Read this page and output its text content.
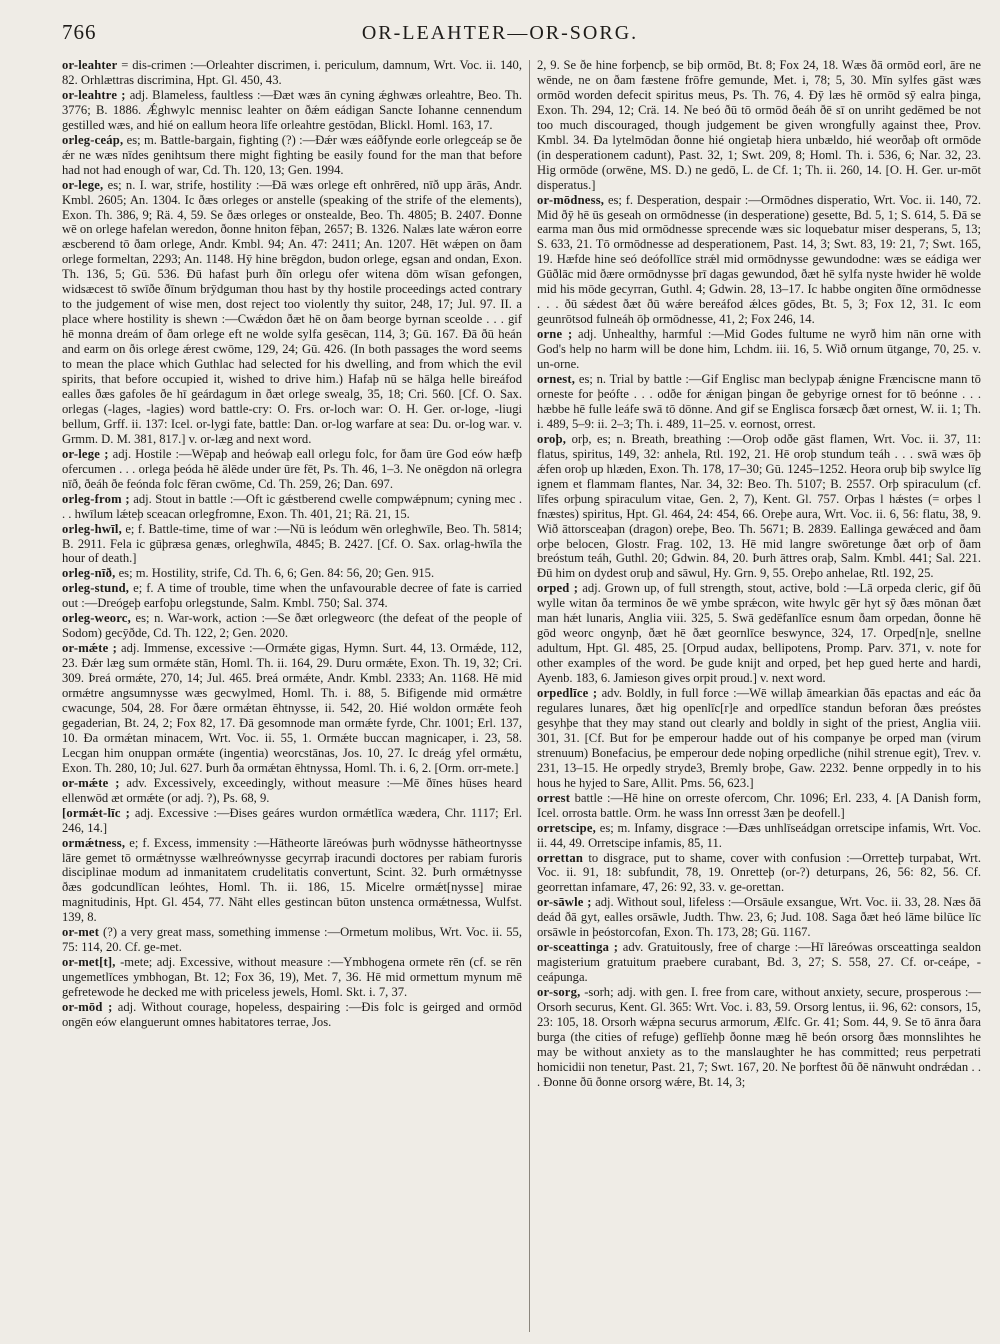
766	OR-LEAHTER—OR-SORG.

or-leahter = dis-crimen :—Orleahter discrimen, i. periculum, damnum, Wrt. Voc. ii. 140, 82. Orhlættras discrimina, Hpt. Gl. 450, 43.

or-leahtre ; adj. Blameless, faultless :—Ðæt wæs ān cyning ǽghwæs orleahtre, Beo. Th. 3776; B. 1886. Ǽghwylc mennisc leahter on ðǽm eádigan Sancte Iohanne cennendum gestilled wæs, and hié on eallum heora līfe orleahtre gestōdan, Blickl. Homl. 163, 17.

orleg-ceáp, es; m. Battle-bargain, fighting (?) :—Ðǽr wæs eáðfynde eorle orlegceáp se ðe ǽr ne wæs nīdes genihtsum there might fighting be easily found for the man that before had not had enough of war, Cd. Th. 120, 13; Gen. 1994.

or-lege, es; n. I. war, strife, hostility :—Ðā wæs orlege eft onhrēred, nīð upp ārās, Andr. Kmbl. 2605; An. 1304. Ic ðæs orleges or anstelle (speaking of the strife of the elements), Exon. Th. 386, 9; Rä. 4, 59. Se ðæs orleges or onstealde, Beo. Th. 4805; B. 2407. Ðonne wē on orlege hafelan weredon, ðonne hniton fēþan, 2657; B. 1326. Nalæs late wǽron eorre æscberend tō ðam orlege, Andr. Kmbl. 94; An. 47: 2411; An. 1207. Hēt wǽpen on ðam orlege formeltan, 2293; An. 1148. Hȳ hine brēgdon, budon orlege, egsan and ondan, Exon. Th. 136, 5; Gū. 536. Ðū hafast þurh ðīn orlegu ofer witena dōm wīsan gefongen, widsæcest tō swīðe ðīnum brȳdguman thou hast by thy hostile proceedings acted contrary to the judgement of wise men, dost reject too violently thy suitor, 248, 17; Jul. 97. II. a place where hostility is shewn :—Cwǽdon ðæt hē on ðam beorge byrnan sceolde . . . gif hē monna dreám of ðam orlege eft ne wolde sylfa gesēcan, 114, 3; Gū. 167. Ðā ðū heán and earm on ðis orlege ǽrest cwōme, 129, 24; Gū. 426. (In both passages the word seems to mean the place which Guthlac had selected for his dwelling, and from which the evil spirits, that before occupied it, wished to drive him.) Hafaþ nū se hālga helle bireáfod ealles ðæs gafoles ðe hī geárdagum in ðæt orlege swealg, 35, 18; Cri. 560. [Cf. O. Sax. orlegas (-lages, -lagies) word battle-cry: O. Frs. or-loch war: O. H. Ger. or-loge, -liugi bellum, Grff. ii. 137: Icel. or-lygi fate, battle: Dan. or-log warfare at sea: Du. or-log war. v. Grmm. D. M. 381, 817.] v. or-læg and next word.

or-lege ; adj. Hostile :—Wēpaþ and heówaþ eall orlegu folc, for ðam ūre God eów hæfþ ofercumen . . . orlega þeóda hē ālēde under ūre fēt, Ps. Th. 46, 1–3. Ne onēgdon nā orlegra nīð, ðeáh ðe feónda folc fēran cwōme, Cd. Th. 259, 26; Dan. 697.

orleg-from ; adj. Stout in battle :—Oft ic gǽstberend cwelle compwǽpnum; cyning mec . . . hwīlum lǽteþ sceacan orlegfromne, Exon. Th. 401, 21; Rä. 21, 15.

orleg-hwīl, e; f. Battle-time, time of war :—Nū is leódum wēn orleghwīle, Beo. Th. 5814; B. 2911. Fela ic gūþræsa genæs, orleghwīla, 4845; B. 2427. [Cf. O. Sax. orlag-hwīla the hour of death.]

orleg-nīð, es; m. Hostility, strife, Cd. Th. 6, 6; Gen. 84: 56, 20; Gen. 915.

orleg-stund, e; f. A time of trouble, time when the unfavourable decree of fate is carried out :—Dreógeþ earfoþu orlegstunde, Salm. Kmbl. 750; Sal. 374.

orleg-weorc, es; n. War-work, action :—Se ðæt orlegweorc (the defeat of the people of Sodom) gecȳðde, Cd. Th. 122, 2; Gen. 2020.

or-mǽte ; adj. Immense, excessive :—Ormǽte gigas, Hymn. Surt. 44, 13. Ormǽde, 112, 23. Ðǽr læg sum ormǽte stān, Homl. Th. ii. 164, 29. Duru ormǽte, Exon. Th. 19, 32; Cri. 309. Þreá ormǽte, 270, 14; Jul. 465. Þreá ormǽte, Andr. Kmbl. 2333; An. 1168. Hē mid ormǽtre angsumnysse wæs gecwylmed, Homl. Th. i. 88, 5. Bifigende mid ormǽtre cwacunge, 504, 28. For ðære ormǽtan ēhtnysse, ii. 542, 20. Hié woldon ormǽte feoh gegaderian, Bt. 24, 2; Fox 82, 17. Ðā gesomnode man ormǽte fyrde, Chr. 1001; Erl. 137, 10. Ða ormǽtan minacem, Wrt. Voc. ii. 55, 1. Ormǽte buccan magnicaper, i. 23, 58. Lecgan him onuppan ormǽte (ingentia) weorcstānas, Jos. 10, 27. Ic dreág yfel ormǽtu, Exon. Th. 280, 10; Jul. 627. Þurh ða ormǽtan ēhtnyssa, Homl. Th. i. 6, 2. [Orm. orr-mete.]

or-mǽte ; adv. Excessively, exceedingly, without measure :—Mē ðīnes hūses heard ellenwōd æt ormǽte (or adj. ?), Ps. 68, 9.

[ormǽt-līc ; adj. Excessive :—Ðises geáres wurdon ormǽtlīca wædera, Chr. 1117; Erl. 246, 14.]

ormǽtness, e; f. Excess, immensity :—Hātheorte lāreówas þurh wōdnysse hātheortnysse lāre gemet tō ormǽtnysse wælhreównysse gecyrraþ iracundi doctores per rabiam furoris disciplinae modum ad inmanitatem crudelitatis convertunt, Scint. 32. Þurh ormǽtnysse ðæs godcundlīcan leóhtes, Homl. Th. ii. 186, 15. Micelre ormǽt[nysse] mirae magnitudinis, Hpt. Gl. 454, 77. Nāht elles gestincan būton unstenca ormǽtnessa, Wulfst. 139, 8.

or-met (?) a very great mass, something immense :—Ormetum molibus, Wrt. Voc. ii. 55, 75: 114, 20. Cf. ge-met.

or-met[t], -mete; adj. Excessive, without measure :—Ymbhogena ormete rēn (cf. se rēn ungemetlīces ymbhogan, Bt. 12; Fox 36, 19), Met. 7, 36. Hē mid ormettum mynum mē gefretewode he decked me with priceless jewels, Homl. Skt. i. 7, 37.

or-mōd ; adj. Without courage, hopeless, despairing :—Ðis folc is geirged and ormōd ongēn eów elanguerunt omnes habitatores terrae, Jos.

2, 9. Se ðe hine forþencþ, se biþ ormōd, Bt. 8; Fox 24, 18. Wæs ðā ormōd eorl, āre ne wēnde, ne on ðam fæstene frōfre gemunde, Met. i, 78; 5, 30. Mīn sylfes gāst wæs ormōd worden defecit spiritus meus, Ps. Th. 76, 4. Ðȳ læs hē ormōd sȳ ealra þinga, Exon. Th. 294, 12; Crä. 14. Ne beó ðū tō ormōd ðeáh ðē sī on unriht gedēmed be not too much discouraged, though judgement be given wrongfully against thee, Prov. Kmbl. 34. Ða lytelmōdan ðonne hié ongietaþ hiera unbældo, hié weorðaþ oft ormōde (in desperationem cadunt), Past. 32, 1; Swt. 209, 8; Homl. Th. i. 536, 6; Nar. 32, 23. Hig ormōde (orwēne, MS. D.) ne gedō, L. de Cf. 1; Th. ii. 260, 14. [O. H. Ger. ur-mōt disperatus.]

or-mōdness, es; f. Desperation, despair :—Ormōdnes disperatio, Wrt. Voc. ii. 140, 72. Mid ðȳ hē ūs geseah on ormōdnesse (in desperatione) gesette, Bd. 5, 1; S. 614, 5. Ðā se earma man ðus mid ormōdnesse sprecende wæs sic loquebatur miser desperans, 5, 13; S. 633, 21. Tō ormōdnesse ad desperationem, Past. 14, 3; Swt. 83, 19: 21, 7; Swt. 165, 19. Hæfde hine seó deófollīce strǽl mid ormōdnysse gewundodne: wæs se eádiga wer Gūðlāc mid ðære ormōdnysse þrī dagas gewundod, ðæt hē sylfa nyste hwider hē wolde mid his mōde gecyrran, Guthl. 4; Gdwin. 28, 13–17. Ic habbe ongiten ðīne ormōdnesse . . . ðū sǽdest ðæt ðū wǽre bereáfod ǽlces gōdes, Bt. 5, 3; Fox 12, 31. Ic eom geunrōtsod fulneáh ōþ ormōdnesse, 41, 2; Fox 246, 14.

orne ; adj. Unhealthy, harmful :—Mid Godes fultume ne wyrð him nān orne with God's help no harm will be done him, Lchdm. iii. 16, 5. Wið ornum ūtgange, 70, 25. v. un-orne.

ornest, es; n. Trial by battle :—Gif Englisc man beclypaþ ǽnigne Frænciscne mann tō orneste for þeófte . . . odðe for ǽnigan þingan ðe gebyrige ornest for tō beónne . . . hæbbe hē fulle leáfe swā tō dōnne. And gif se Englisca forsæcþ ðæt ornest, W. ii. 1; Th. i. 489, 5–9: ii. 2–3; Th. i. 489, 11–25. v. eornost, orrest.

oroþ, orþ, es; n. Breath, breathing :—Oroþ odðe gāst flamen, Wrt. Voc. ii. 37, 11: flatus, spiritus, 149, 32: anhela, Rtl. 192, 21. Hē oroþ stundum teáh . . . swā wæs ōþ ǽfen oroþ up hlæden, Exon. Th. 178, 17–30; Gū. 1245–1252. Heora oruþ biþ swylce līg ignem et flammam flantes, Nar. 34, 32: Beo. Th. 5107; B. 2557. Orþ spiraculum (cf. līfes orþung spiraculum vitae, Gen. 2, 7), Kent. Gl. 757. Orþas l hǽstes (= orþes l fnæstes) spiritus, Hpt. Gl. 464, 24: 454, 66. Oreþe aura, Wrt. Voc. ii. 6, 56: flatu, 38, 9. Wið āttorsceaþan (dragon) oreþe, Beo. Th. 5671; B. 2839. Eallinga gewǽced and ðam orþe belocen, Glostr. Frag. 102, 13. Hē mid langre swōretunge ðæt orþ of ðam breóstum teáh, Guthl. 20; Gdwin. 84, 20. Þurh āttres oraþ, Salm. Kmbl. 441; Sal. 221. Ðū him on dydest oruþ and sāwul, Hy. Grn. 9, 55. Oreþo anhelae, Rtl. 192, 25.

orped ; adj. Grown up, of full strength, stout, active, bold :—Lā orpeda cleric, gif ðū wylle witan ða terminos ðe wē ymbe sprǽcon, wite hwylc gēr hyt sȳ ðæs mōnan ðæt man hǽt lunaris, Anglia viii. 325, 5. Swā gedēfanlīce esnum ðam orpedan, ðonne hē gōd weorc ongynþ, ðæt hē ðæt geornlīce beswynce, 324, 17. Orped[n]e, snellne adultum, Hpt. Gl. 485, 25. [Orpud audax, bellipotens, Promp. Parv. 371, v. note for other examples of the word. Þe gude knijt and orped, þet hep gued herte and hardi, Ayenb. 183, 6. Jamieson gives orpit proud.] v. next word.

orpedlīce ; adv. Boldly, in full force :—Wē willaþ āmearkian ðās epactas and eác ða regulares lunares, ðæt hig openlīc[r]e and orpedlīce standun beforan ðæs preóstes gesyhþe that they may stand out clearly and boldly in sight of the priest, Anglia viii. 301, 31. [Cf. But for þe emperour hadde out of his companye þe orped man (virum strenuum) Bonefacius, þe emperour dede noþing orpedliche (nihil strenue egit), Trev. v. 231, 13–15. He orpedly stryde3, Bremly broþe, Gaw. 2232. Þenne orppedly in to his hous he hyjed to Sare, Allit. Pms. 56, 623.]

orrest battle :—Hē hine on orreste ofercom, Chr. 1096; Erl. 233, 4. [A Danish form, Icel. orrosta battle. Orm. he wass Inn orresst 3æn þe deofell.]

orretscipe, es; m. Infamy, disgrace :—Ðæs unhlīseádgan orretscipe infamis, Wrt. Voc. ii. 44, 49. Orretscipe infamis, 85, 11.

orrettan to disgrace, put to shame, cover with confusion :—Orretteþ turpabat, Wrt. Voc. ii. 91, 18: subfundit, 78, 19. Onretteþ (or-?) deturpans, 26, 56: 82, 56. Cf. georrettan infamare, 47, 26: 92, 33. v. ge-orettan.

or-sāwle ; adj. Without soul, lifeless :—Orsāule exsangue, Wrt. Voc. ii. 33, 28. Næs ðā deád ðā gyt, ealles orsāwle, Judth. Thw. 23, 6; Jud. 108. Saga ðæt heó lāme bilūce līc orsāwle in þeóstorcofan, Exon. Th. 173, 28; Gū. 1167.

or-sceattinga ; adv. Gratuitously, free of charge :—Hī lāreówas orsceattinga sealdon magisterium gratuitum praebere curabant, Bd. 3, 27; S. 558, 27. Cf. or-ceápe, -ceápunga.

or-sorg, -sorh; adj. with gen. I. free from care, without anxiety, secure, prosperous :—Orsorh securus, Kent. Gl. 365: Wrt. Voc. i. 83, 59. Orsorg lentus, ii. 96, 62: consors, 15, 23: 105, 18. Orsorh wǽpna securus armorum, Ælfc. Gr. 41; Som. 44, 9. Se tō ānra ðara burga (the cities of refuge) geflīehþ ðonne mæg hē beón orsorg ðæs monnslihtes he may be without anxiety as to the manslaughter he has committed; reus perpetrati homicidii non tenetur, Past. 21, 7; Swt. 167, 20. Ne þorftest ðū ðē nānwuht ondrǽdan . . . Ðonne ðū ðonne orsorg wǽre, Bt. 14, 3;
